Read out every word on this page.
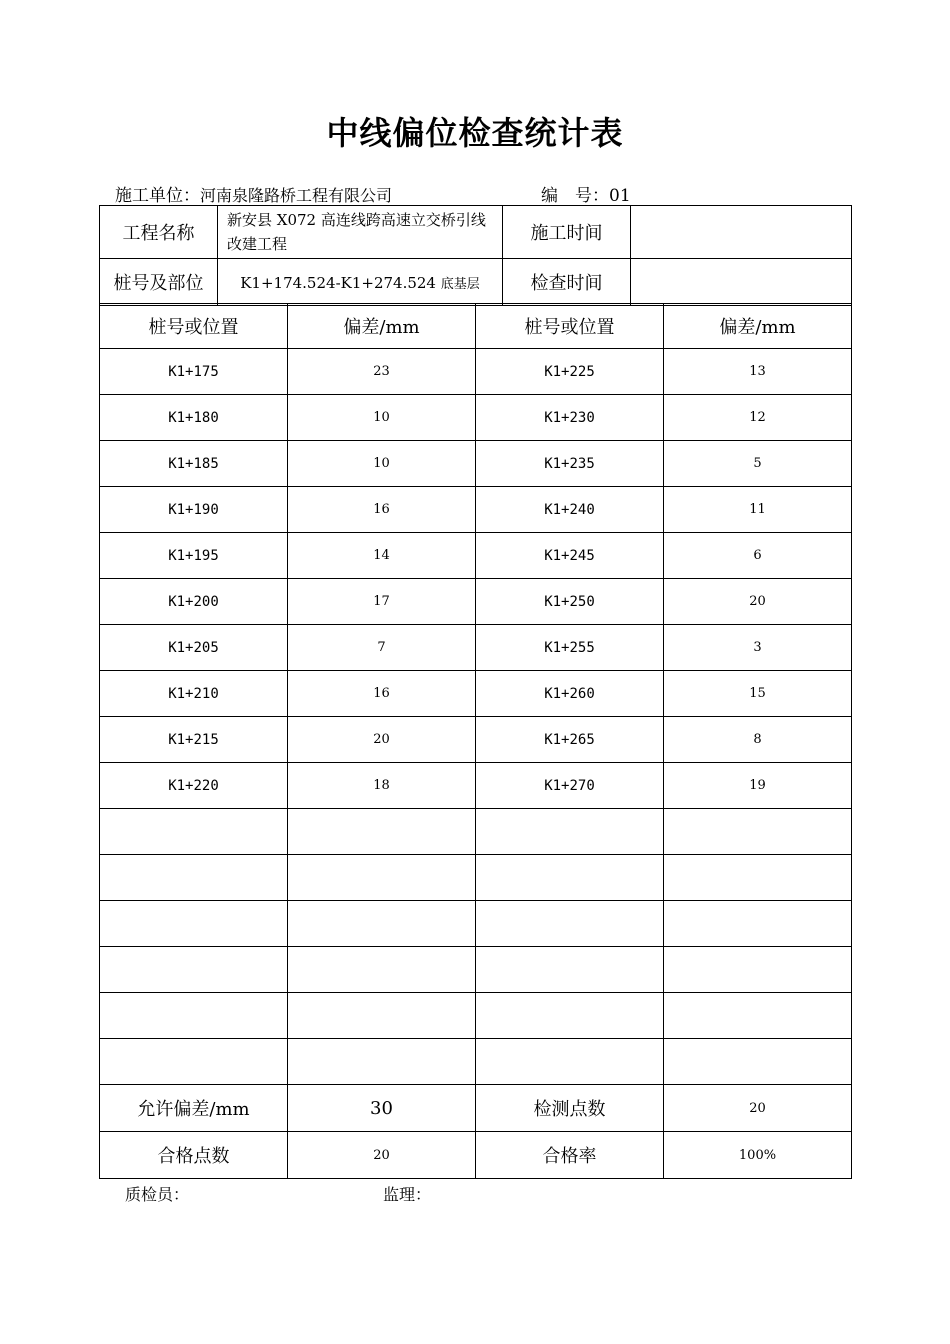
中线偏位检查统计表
施工单位：河南泉隆路桥工程有限公司	编　号：01
工程名称	新安县 X072 高连线跨高速立交桥引线改建工程	施工时间	
桩号及部位	K1+174.524-K1+274.524 底基层	检查时间	
桩号或位置	偏差/mm	桩号或位置	偏差/mm
K1+175	23	K1+225	13
K1+180	10	K1+230	12
K1+185	10	K1+235	5
K1+190	16	K1+240	11
K1+195	14	K1+245	6
K1+200	17	K1+250	20
K1+205	7	K1+255	3
K1+210	16	K1+260	15
K1+215	20	K1+265	8
K1+220	18	K1+270	19

允许偏差/mm	30	检测点数	20
合格点数	20	合格率	100%
质检员：	监理：
